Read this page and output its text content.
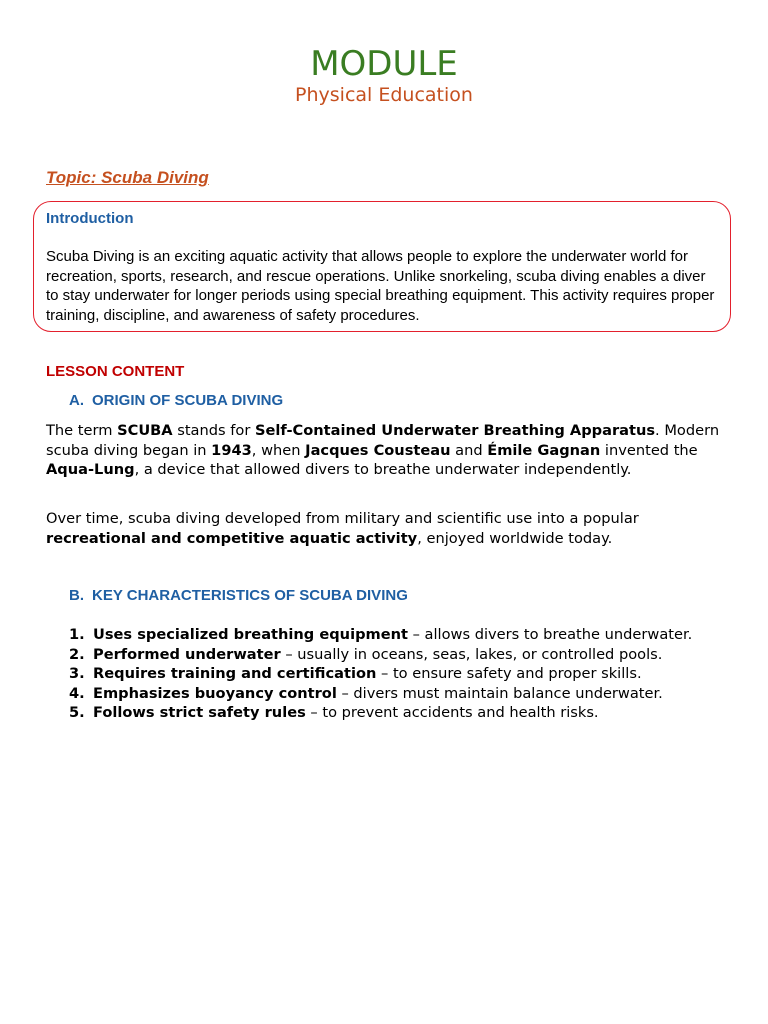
MODULE
Physical Education
Topic: Scuba Diving
Introduction
Scuba Diving is an exciting aquatic activity that allows people to explore the underwater world for recreation, sports, research, and rescue operations. Unlike snorkeling, scuba diving enables a diver to stay underwater for longer periods using special breathing equipment. This activity requires proper training, discipline, and awareness of safety procedures.
LESSON CONTENT
A. ORIGIN OF SCUBA DIVING
The term SCUBA stands for Self-Contained Underwater Breathing Apparatus. Modern scuba diving began in 1943, when Jacques Cousteau and Émile Gagnan invented the Aqua-Lung, a device that allowed divers to breathe underwater independently.
Over time, scuba diving developed from military and scientific use into a popular recreational and competitive aquatic activity, enjoyed worldwide today.
B. KEY CHARACTERISTICS OF SCUBA DIVING
1. Uses specialized breathing equipment – allows divers to breathe underwater.
2. Performed underwater – usually in oceans, seas, lakes, or controlled pools.
3. Requires training and certification – to ensure safety and proper skills.
4. Emphasizes buoyancy control – divers must maintain balance underwater.
5. Follows strict safety rules – to prevent accidents and health risks.
